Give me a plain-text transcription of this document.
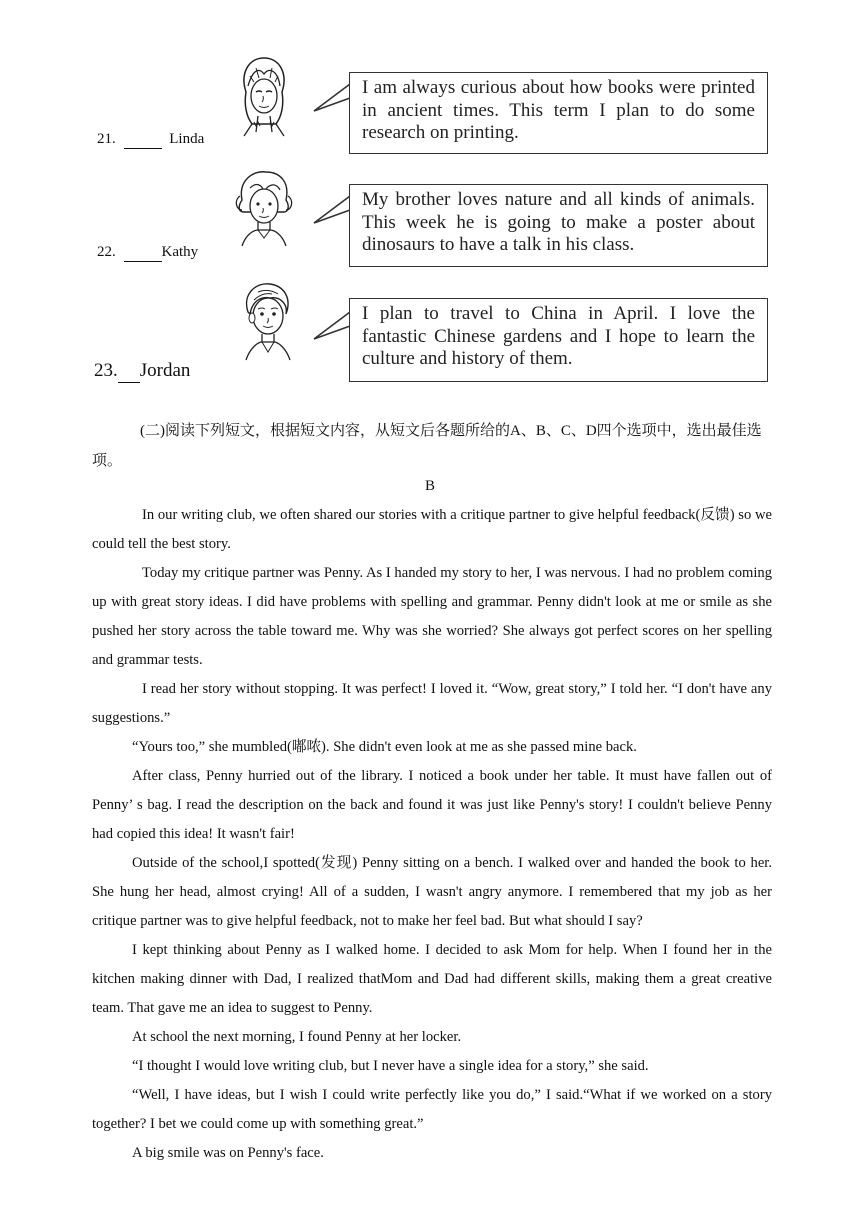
21.	Linda
I am always curious about how books were printed in ancient times. This term I plan to do some research on printing.
22.	Kathy
My brother loves nature and all kinds of animals. This week he is going to make a poster about dinosaurs to have a talk in his class.
23. Jordan
I plan to travel to China in April. I love the fantastic Chinese gardens and I hope to learn the culture and history of them.
(二)阅读下列短文，根据短文内容，从短文后各题所给的A、B、C、D四个选项中，选出最佳选项。
B

In our writing club, we often shared our stories with a critique partner to give helpful feedback(反馈) so we could tell the best story.

Today my critique partner was Penny. As I handed my story to her, I was nervous. I had no problem coming up with great story ideas. I did have problems with spelling and grammar. Penny didn't look at me or smile as she pushed her story across the table toward me. Why was she worried? She always got perfect scores on her spelling and grammar tests.

I read her story without stopping. It was perfect! I loved it. “Wow, great story,” I told her. “I don't have any suggestions.”

“Yours too,” she mumbled(嘟哝). She didn't even look at me as she passed mine back.

After class, Penny hurried out of the library. I noticed a book under her table. It must have fallen out of Penny’ s bag. I read the description on the back and found it was just like Penny's story! I couldn't believe Penny had copied this idea! It wasn't fair!

Outside of the school,I spotted(发现) Penny sitting on a bench. I walked over and handed the book to her. She hung her head, almost crying! All of a sudden, I wasn't angry anymore. I remembered that my job as her critique partner was to give helpful feedback, not to make her feel bad. But what should I say?

I kept thinking about Penny as I walked home. I decided to ask Mom for help. When I found her in the kitchen making dinner with Dad, I realized thatMom and Dad had different skills, making them a great creative team. That gave me an idea to suggest to Penny.

At school the next morning, I found Penny at her locker.

“I thought I would love writing club, but I never have a single idea for a story,” she said.

“Well, I have ideas, but I wish I could write perfectly like you do,” I said.“What if we worked on a story together? I bet we could come up with something great.”

A big smile was on Penny's face.
